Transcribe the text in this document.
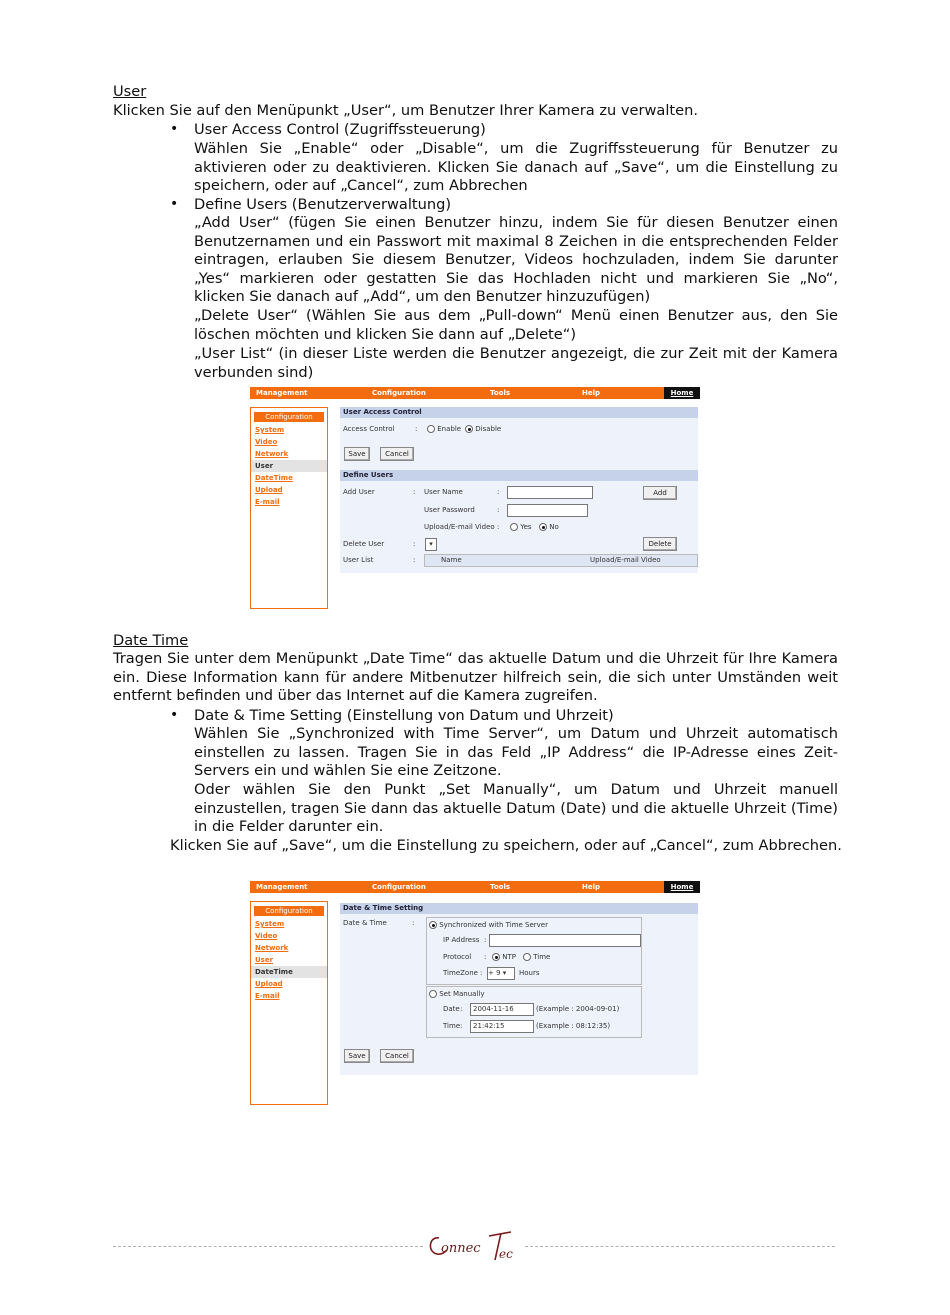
User
Klicken Sie auf den Menüpunkt „User“, um Benutzer Ihrer Kamera zu verwalten.
• User Access Control (Zugriffssteuerung)
Wählen Sie „Enable“ oder „Disable“, um die Zugriffssteuerung für Benutzer zu aktivieren oder zu deaktivieren. Klicken Sie danach auf „Save“, um die Einstellung zu speichern, oder auf „Cancel“, zum Abbrechen
• Define Users (Benutzerverwaltung)
„Add User“ (fügen Sie einen Benutzer hinzu, indem Sie für diesen Benutzer einen Benutzernamen und ein Passwort mit maximal 8 Zeichen in die entsprechenden Felder eintragen, erlauben Sie diesem Benutzer, Videos hochzuladen, indem Sie darunter „Yes“ markieren oder gestatten Sie das Hochladen nicht und markieren Sie „No“, klicken Sie danach auf „Add“, um den Benutzer hinzuzufügen)
„Delete User“ (Wählen Sie aus dem „Pull-down“ Menü einen Benutzer aus, den Sie löschen möchten und klicken Sie dann auf „Delete“)
„User List“ (in dieser Liste werden die Benutzer angezeigt, die zur Zeit mit der Kamera verbunden sind)
Management	Configuration	Tools	Help	Home
Configuration
System
Video
Network
User
DateTime
Upload
E-mail
User Access Control
Access Control	:	Enable	Disable
Save	Cancel
Define Users
Add User	: User Name	:	Add
User Password	:
Upload/E-mail Video :	Yes	No
Delete User	:	▾	Delete
User List	:	Name	Upload/E-mail Video
Date Time
Tragen Sie unter dem Menüpunkt „Date Time“ das aktuelle Datum und die Uhrzeit für Ihre Kamera ein. Diese Information kann für andere Mitbenutzer hilfreich sein, die sich unter Umständen weit entfernt befinden und über das Internet auf die Kamera zugreifen.
• Date & Time Setting (Einstellung von Datum und Uhrzeit)
Wählen Sie „Synchronized with Time Server“, um Datum und Uhrzeit automatisch einstellen zu lassen. Tragen Sie in das Feld „IP Address“ die IP-Adresse eines Zeit-Servers ein und wählen Sie eine Zeitzone.
Oder wählen Sie den Punkt „Set Manually“, um Datum und Uhrzeit manuell einzustellen, tragen Sie dann das aktuelle Datum (Date) und die aktuelle Uhrzeit (Time) in die Felder darunter ein.
Klicken Sie auf „Save“, um die Einstellung zu speichern, oder auf „Cancel“, zum Abbrechen.
Management	Configuration	Tools	Help	Home
Configuration
System
Video
Network
User
DateTime
Upload
E-mail
Date & Time Setting
Date & Time	:	Synchronized with Time Server
IP Address :
Protocol :	NTP	Time
TimeZone : + 9 ▾	Hours
Set Manually
Date :	2004-11-16	(Example : 2004-09-01)
Time :	21:42:15	(Example : 08:12:35)
Save	Cancel
onnec ec
